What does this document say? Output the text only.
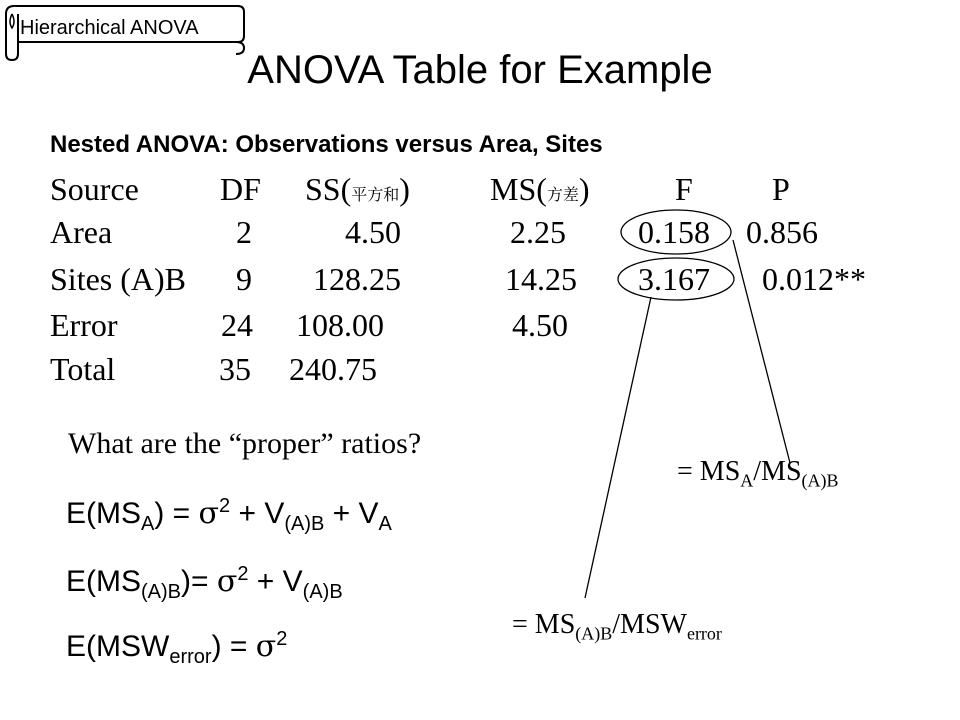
Hierarchical ANOVA
ANOVA Table for Example
Nested ANOVA: Observations versus Area, Sites
Source	DF SS(平方和)	MS(方差)	F P
Area	2	4.50	2.25 0.158 0.856
Sites (A)B 9 128.25	14.25 3.167 0.012**
Error	24 108.00	4.50
Total	35 240.75
What are the “proper” ratios?
$E(MS_A) = \sigma^2 + V_{(A)B} + V_A$
$E(MS_{(A)B})= \sigma^2 + V_{(A)B}$
$E(MSW_{error}) = \sigma^2$
= $MS_A/MS_{(A)B}$
= $MS_{(A)B}/MSW_{error}$
